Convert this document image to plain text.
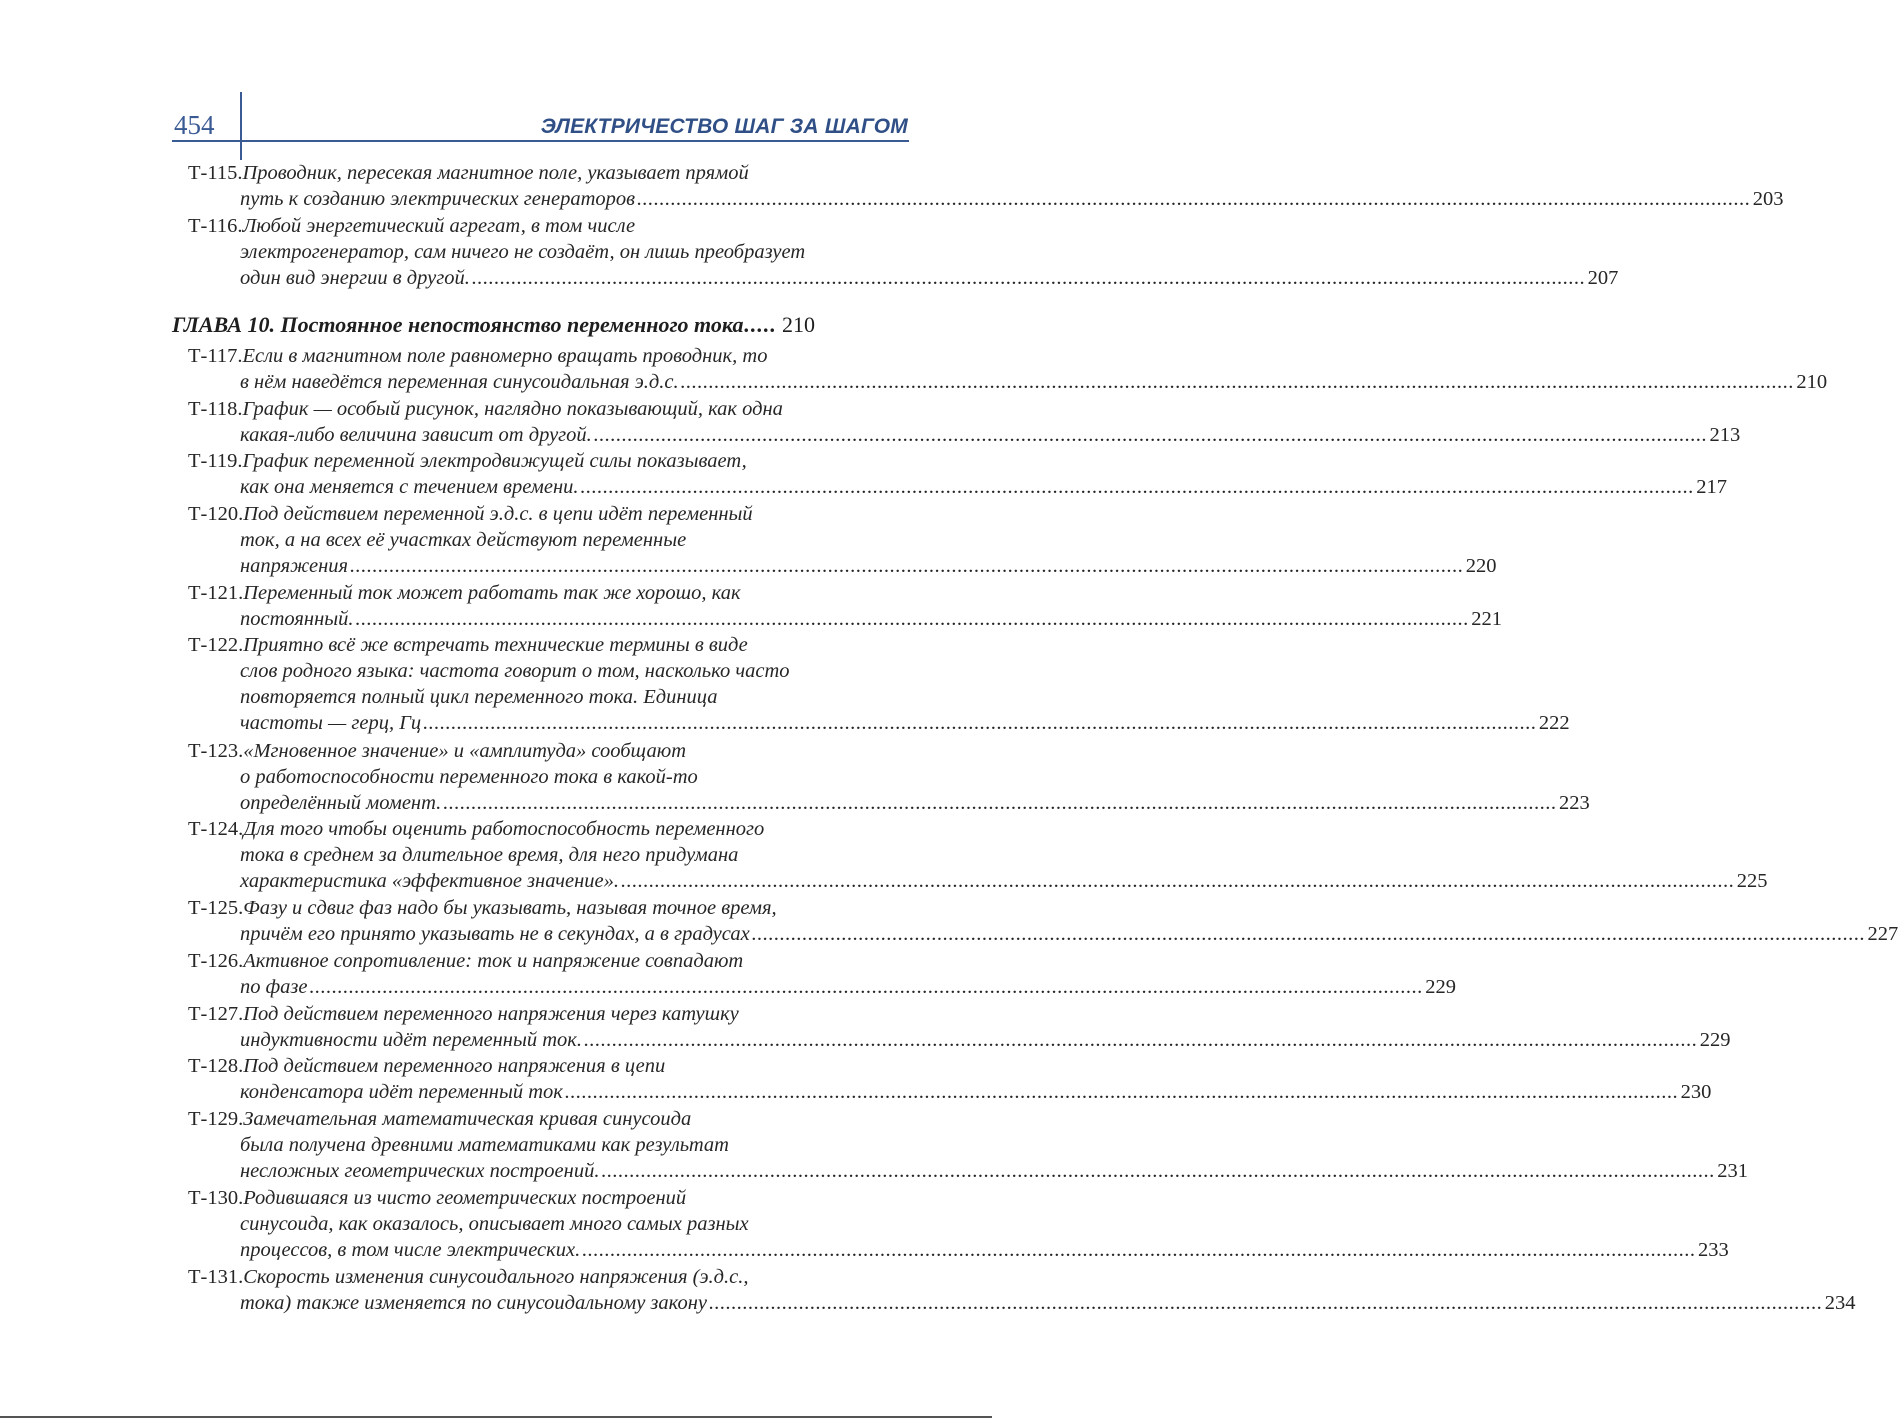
454	ЭЛЕКТРИЧЕСТВО ШАГ ЗА ШАГОМ
ГЛАВА 10. Постоянное непостоянство переменного тока ..... 210
Т-115. Проводник, пересекая магнитное поле, указывает прямой
путь к созданию электрических генераторов .....	203
Т-116. Любой энергетический агрегат, в том числе
электрогенератор, сам ничего не создаёт, он лишь преобразует
один вид энергии в другой. .....	207
Т-117. Если в магнитном поле равномерно вращать проводник, то
в нём наведётся переменная синусоидальная э.д.с. .....	210
Т-118. График — особый рисунок, наглядно показывающий, как одна
какая-либо величина зависит от другой. .....	213
Т-119. График переменной электродвижущей силы показывает,
как она меняется с течением времени. .....	217
Т-120. Под действием переменной э.д.с. в цепи идёт переменный
ток, а на всех её участках действуют переменные
напряжения .....	220
Т-121. Переменный ток может работать так же хорошо, как
постоянный. .....	221
Т-122. Приятно всё же встречать технические термины в виде
слов родного языка: частота говорит о том, насколько часто
повторяется полный цикл переменного тока. Единица
частоты — герц, Гц .....	222
Т-123. «Мгновенное значение» и «амплитуда» сообщают
о работоспособности переменного тока в какой-то
определённый момент. .....	223
Т-124. Для того чтобы оценить работоспособность переменного
тока в среднем за длительное время, для него придумана
характеристика «эффективное значение». .....	225
Т-125. Фазу и сдвиг фаз надо бы указывать, называя точное время,
причём его принято указывать не в секундах, а в градусах .....	227
Т-126. Активное сопротивление: ток и напряжение совпадают
по фазе .....	229
Т-127. Под действием переменного напряжения через катушку
индуктивности идёт переменный ток. .....	229
Т-128. Под действием переменного напряжения в цепи
конденсатора идёт переменный ток .....	230
Т-129. Замечательная математическая кривая синусоида
была получена древними математиками как результат
несложных геометрических построений. .....	231
Т-130. Родившаяся из чисто геометрических построений
синусоида, как оказалось, описывает много самых разных
процессов, в том числе электрических. .....	233
Т-131. Скорость изменения синусоидального напряжения (э.д.с.,
тока) также изменяется по синусоидальному закону .....	234
